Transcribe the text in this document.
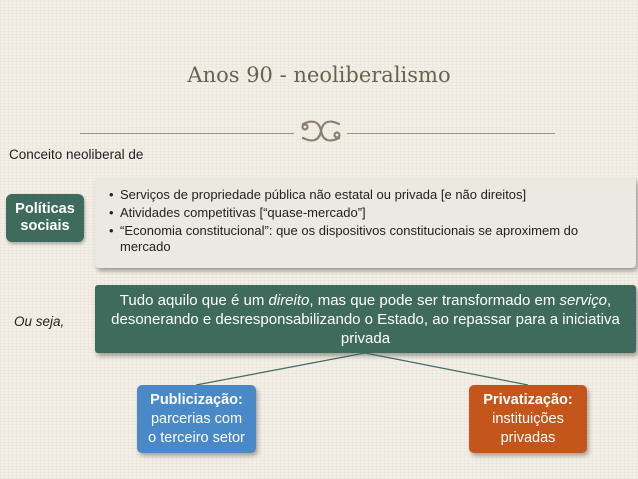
Anos 90 - neoliberalismo
Conceito neoliberal de
Políticas
sociais
• Serviços de propriedade pública não estatal ou privada [e não direitos]
• Atividades competitivas [“quase-mercado”]
• “Economia constitucional”: que os dispositivos constitucionais se aproximem do mercado
Ou seja,

Tudo aquilo que é um direito, mas que pode ser transformado em serviço, desonerando e desresponsabilizando o Estado, ao repassar para a iniciativa privada

Publicização:
parcerias com
o terceiro setor
Privatização:
instituições
privadas
